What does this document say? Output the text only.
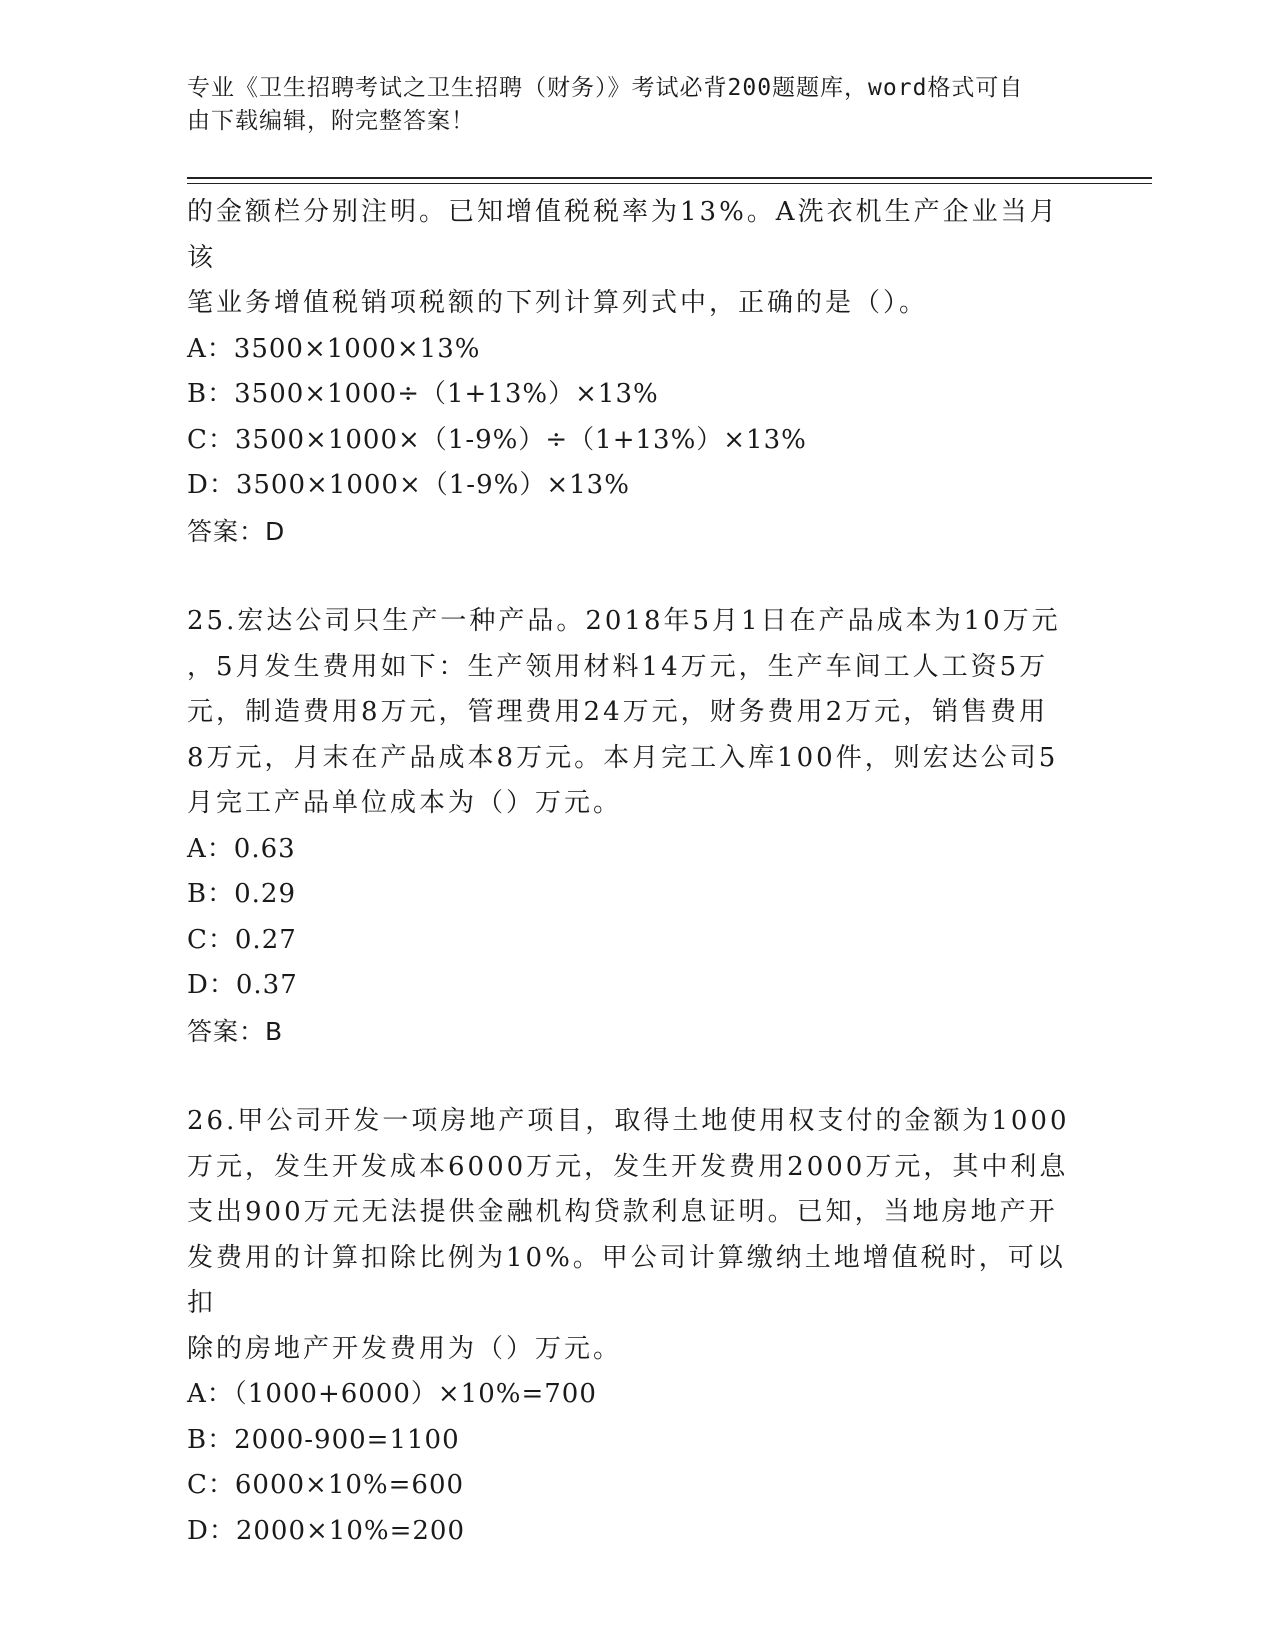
专业《卫生招聘考试之卫生招聘（财务）》考试必背200题题库，word格式可自
由下载编辑，附完整答案！

的金额栏分别注明。已知增值税税率为13%。A洗衣机生产企业当月该

笔业务增值税销项税额的下列计算列式中，正确的是（）。

A：3500×1000×13%

B：3500×1000÷（1+13%）×13%

C：3500×1000×（1-9%）÷（1+13%）×13%

D：3500×1000×（1-9%）×13%

答案：D

25.宏达公司只生产一种产品。2018年5月1日在产品成本为10万元

，5月发生费用如下：生产领用材料14万元，生产车间工人工资5万

元，制造费用8万元，管理费用24万元，财务费用2万元，销售费用

8万元，月末在产品成本8万元。本月完工入库100件，则宏达公司5

月完工产品单位成本为（）万元。

A：0.63

B：0.29

C：0.27

D：0.37

答案：B

26.甲公司开发一项房地产项目，取得土地使用权支付的金额为1000

万元，发生开发成本6000万元，发生开发费用2000万元，其中利息

支出900万元无法提供金融机构贷款利息证明。已知，当地房地产开

发费用的计算扣除比例为10%。甲公司计算缴纳土地增值税时，可以扣

除的房地产开发费用为（）万元。

A：（1000+6000）×10%=700

B：2000-900=1100

C：6000×10%=600

D：2000×10%=200
